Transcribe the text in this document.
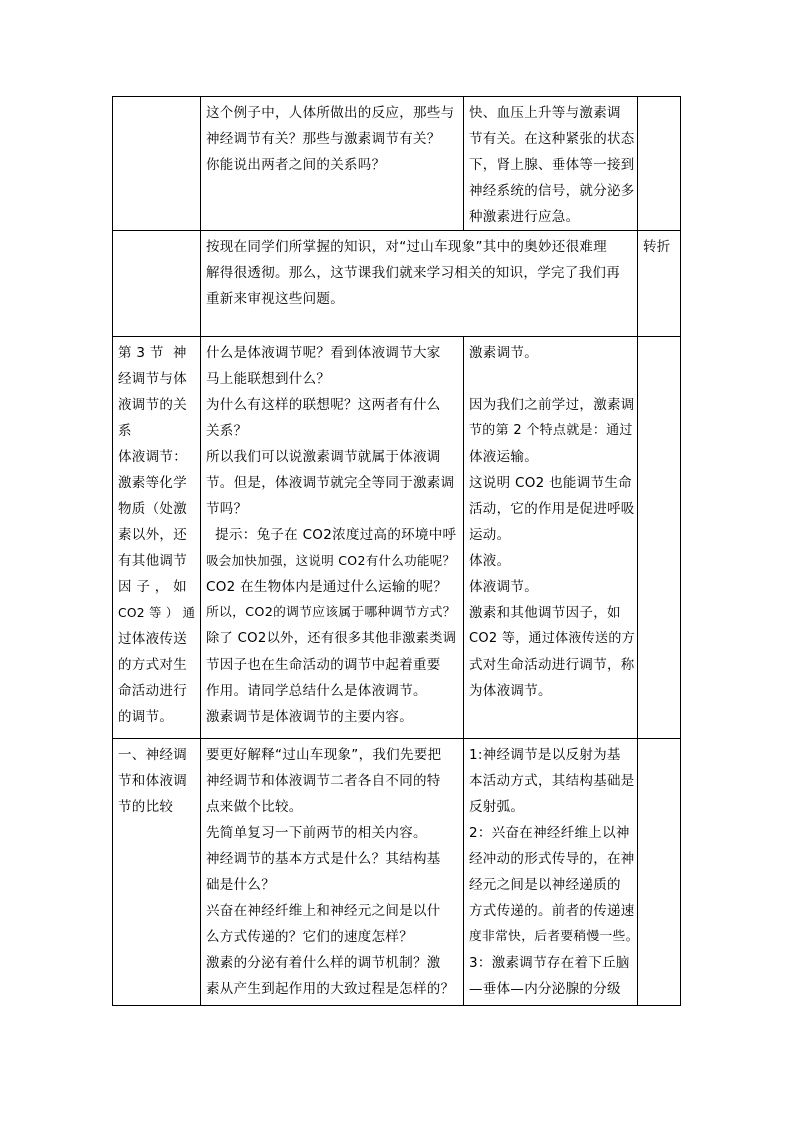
这个例子中，人体所做出的反应，那些与
神经调节有关？那些与激素调节有关？
你能说出两者之间的关系吗？
快、血压上升等与激素调
节有关。在这种紧张的状态
下，肾上腺、垂体等一接到
神经系统的信号，就分泌多
种激素进行应急。
按现在同学们所掌握的知识，对“过山车现象”其中的奥妙还很难理
解得很透彻。那么，这节课我们就来学习相关的知识，学完了我们再
重新来审视这些问题。
转折
第 3 节  神
经调节与体
液调节的关
系
体液调节：
激素等化学
物质（处激
素以外，还
有其他调节
因 子 ， 如
CO2 等 ） 通
过体液传送
的方式对生
命活动进行
的调节。
什么是体液调节呢？看到体液调节大家
马上能联想到什么？
为什么有这样的联想呢？这两者有什么
关系？
所以我们可以说激素调节就属于体液调
节。但是，体液调节就完全等同于激素调
节吗？
提示：兔子在 CO2浓度过高的环境中呼
吸会加快加强，这说明 CO2有什么功能呢？
CO2 在生物体内是通过什么运输的呢？
所以，CO2的调节应该属于哪种调节方式？
除了 CO2以外，还有很多其他非激素类调
节因子也在生命活动的调节中起着重要
作用。请同学总结什么是体液调节。
激素调节是体液调节的主要内容。
激素调节。
因为我们之前学过，激素调
节的第 2 个特点就是：通过
体液运输。
这说明 CO2 也能调节生命
活动，它的作用是促进呼吸
运动。
体液。
体液调节。
激素和其他调节因子，如
CO2 等，通过体液传送的方
式对生命活动进行调节，称
为体液调节。
一、神经调
节和体液调
节的比较
要更好解释“过山车现象”，我们先要把
神经调节和体液调节二者各自不同的特
点来做个比较。
先简单复习一下前两节的相关内容。
神经调节的基本方式是什么？其结构基
础是什么？
兴奋在神经纤维上和神经元之间是以什
么方式传递的？它们的速度怎样？
激素的分泌有着什么样的调节机制？激
素从产生到起作用的大致过程是怎样的？
1:神经调节是以反射为基
本活动方式，其结构基础是
反射弧。
2：兴奋在神经纤维上以神
经冲动的形式传导的，在神
经元之间是以神经递质的
方式传递的。前者的传递速
度非常快，后者要稍慢一些。
3：激素调节存在着下丘脑
—垂体—内分泌腺的分级
